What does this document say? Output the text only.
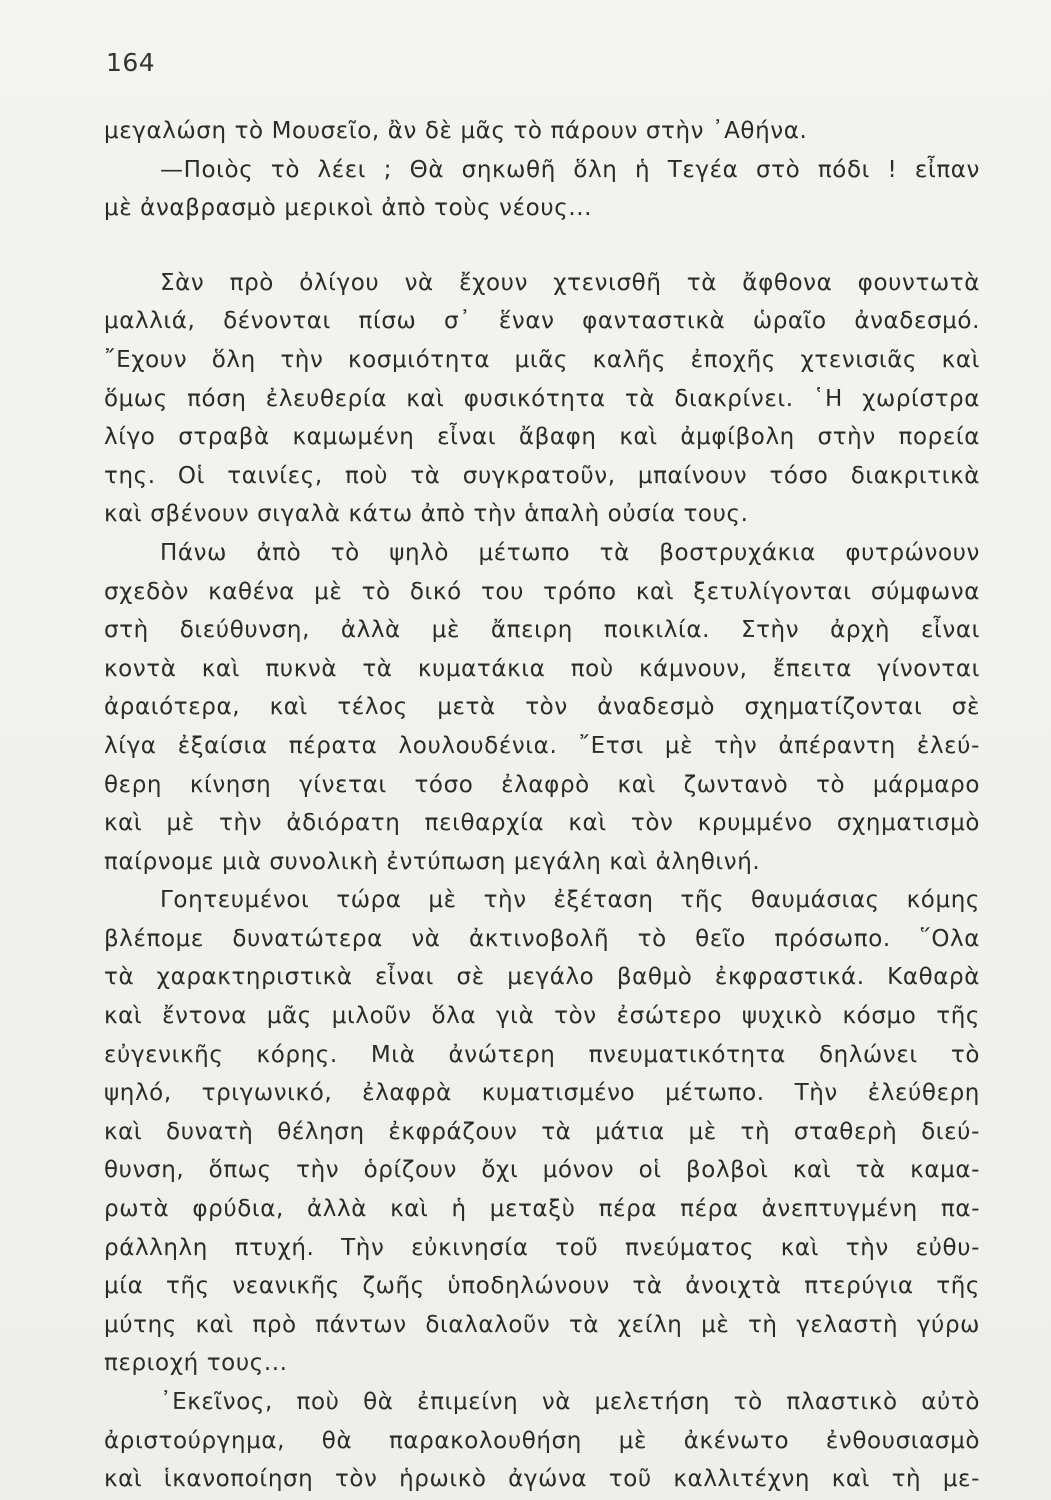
164
μεγαλώση τὸ Μουσεῖο, ἂν δὲ μᾶς τὸ πάρουν στὴν ᾿Αθήνα.
—Ποιὸς τὸ λέει ; Θὰ σηκωθῆ ὅλη ἡ Τεγέα στὸ πόδι ! εἶπαν
μὲ ἀναβρασμὸ μερικοὶ ἀπὸ τοὺς νέους...
Σὰν πρὸ ὀλίγου νὰ ἔχουν χτενισθῆ τὰ ἄφθονα φουντωτὰ
μαλλιά, δένονται πίσω σ᾿ ἕναν φανταστικὰ ὡραῖο ἀναδεσμό.
῎Εχουν ὅλη τὴν κοσμιότητα μιᾶς καλῆς ἐποχῆς χτενισιᾶς καὶ
ὅμως πόση ἐλευθερία καὶ φυσικότητα τὰ διακρίνει. ῾Η χωρίστρα
λίγο στραβὰ καμωμένη εἶναι ἄβαφη καὶ ἀμφίβολη στὴν πορεία
της. Οἱ ταινίες, ποὺ τὰ συγκρατοῦν, μπαίνουν τόσο διακριτικὰ
καὶ σβένουν σιγαλὰ κάτω ἀπὸ τὴν ἁπαλὴ οὐσία τους.
Πάνω ἀπὸ τὸ ψηλὸ μέτωπο τὰ βοστρυχάκια φυτρώνουν
σχεδὸν καθένα μὲ τὸ δικό του τρόπο καὶ ξετυλίγονται σύμφωνα
στὴ διεύθυνση, ἀλλὰ μὲ ἄπειρη ποικιλία. Στὴν ἀρχὴ εἶναι
κοντὰ καὶ πυκνὰ τὰ κυματάκια ποὺ κάμνουν, ἔπειτα γίνονται
ἀραιότερα, καὶ τέλος μετὰ τὸν ἀναδεσμὸ σχηματίζονται σὲ
λίγα ἐξαίσια πέρατα λουλουδένια. ῎Ετσι μὲ τὴν ἀπέραντη ἐλεύ-
θερη κίνηση γίνεται τόσο ἐλαφρὸ καὶ ζωντανὸ τὸ μάρμαρο
καὶ μὲ τὴν ἀδιόρατη πειθαρχία καὶ τὸν κρυμμένο σχηματισμὸ
παίρνομε μιὰ συνολικὴ ἐντύπωση μεγάλη καὶ ἀληθινή.
Γοητευμένοι τώρα μὲ τὴν ἐξέταση τῆς θαυμάσιας κόμης
βλέπομε δυνατώτερα νὰ ἀκτινοβολῆ τὸ θεῖο πρόσωπο. ῞Ολα
τὰ χαρακτηριστικὰ εἶναι σὲ μεγάλο βαθμὸ ἐκφραστικά. Καθαρὰ
καὶ ἔντονα μᾶς μιλοῦν ὅλα γιὰ τὸν ἐσώτερο ψυχικὸ κόσμο τῆς
εὐγενικῆς κόρης. Μιὰ ἀνώτερη πνευματικότητα δηλώνει τὸ
ψηλό, τριγωνικό, ἐλαφρὰ κυματισμένο μέτωπο. Τὴν ἐλεύθερη
καὶ δυνατὴ θέληση ἐκφράζουν τὰ μάτια μὲ τὴ σταθερὴ διεύ-
θυνση, ὅπως τὴν ὁρίζουν ὄχι μόνον οἱ βολβοὶ καὶ τὰ καμα-
ρωτὰ φρύδια, ἀλλὰ καὶ ἡ μεταξὺ πέρα πέρα ἀνεπτυγμένη πα-
ράλληλη πτυχή. Τὴν εὐκινησία τοῦ πνεύματος καὶ τὴν εὐθυ-
μία τῆς νεανικῆς ζωῆς ὑποδηλώνουν τὰ ἀνοιχτὰ πτερύγια τῆς
μύτης καὶ πρὸ πάντων διαλαλοῦν τὰ χείλη μὲ τὴ γελαστὴ γύρω
περιοχή τους...
᾿Εκεῖνος, ποὺ θὰ ἐπιμείνη νὰ μελετήση τὸ πλαστικὸ αὐτὸ
ἀριστούργημα, θὰ παρακολουθήση μὲ ἀκένωτο ἐνθουσιασμὸ
καὶ ἱκανοποίηση τὸν ἡρωικὸ ἀγώνα τοῦ καλλιτέχνη καὶ τὴ με-
